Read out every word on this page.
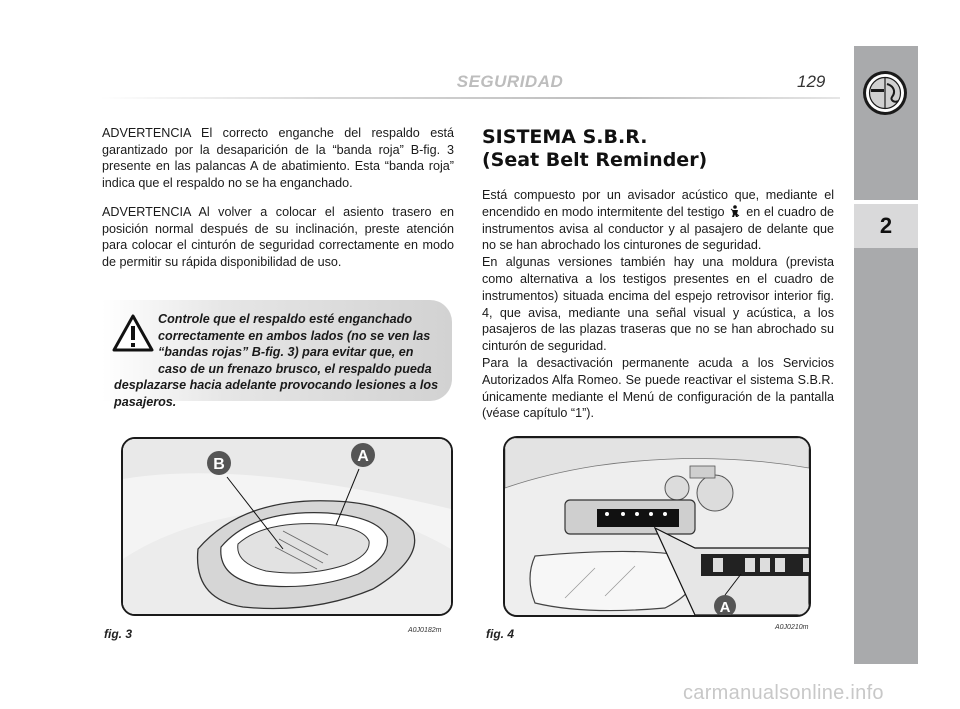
SEGURIDAD	129
2

ADVERTENCIA El correcto enganche del respaldo está garantizado por la desaparición de la “banda roja” B-fig. 3 presente en las palancas A de abatimiento. Esta “banda roja” indica que el respaldo no se ha enganchado.

ADVERTENCIA Al volver a colocar el asiento trasero en posición normal después de su inclinación, preste atención para colocar el cinturón de seguridad correctamente en modo de permitir su rápida disponibilidad de uso.

Controle que el respaldo esté enganchado correctamente en ambos lados (no se ven las “bandas rojas” B-fig. 3) para evitar que, en caso de un frenazo brusco, el respaldo pueda desplazarse hacia adelante provocando lesiones a los pasajeros.
SISTEMA S.B.R.
(Seat Belt Reminder)

Está compuesto por un avisador acústico que, mediante el encendido en modo intermitente del testigo en el cuadro de instrumentos avisa al conductor y al pasajero de delante que no se han abrochado los cinturones de seguridad.

En algunas versiones también hay una moldura (prevista como alternativa a los testigos presentes en el cuadro de instrumentos) situada encima del espejo retrovisor interior fig. 4, que avisa, mediante una señal visual y acústica, a los pasajeros de las plazas traseras que no se han abrochado su cinturón de seguridad.

Para la desactivación permanente acuda a los Servicios Autorizados Alfa Romeo. Se puede reactivar el sistema S.B.R. únicamente mediante el Menú de configuración de la pantalla (véase capítulo “1”).

B	A
fig. 3	A0J0182m
A
fig. 4	A0J0210m
carmanualsonline.info
